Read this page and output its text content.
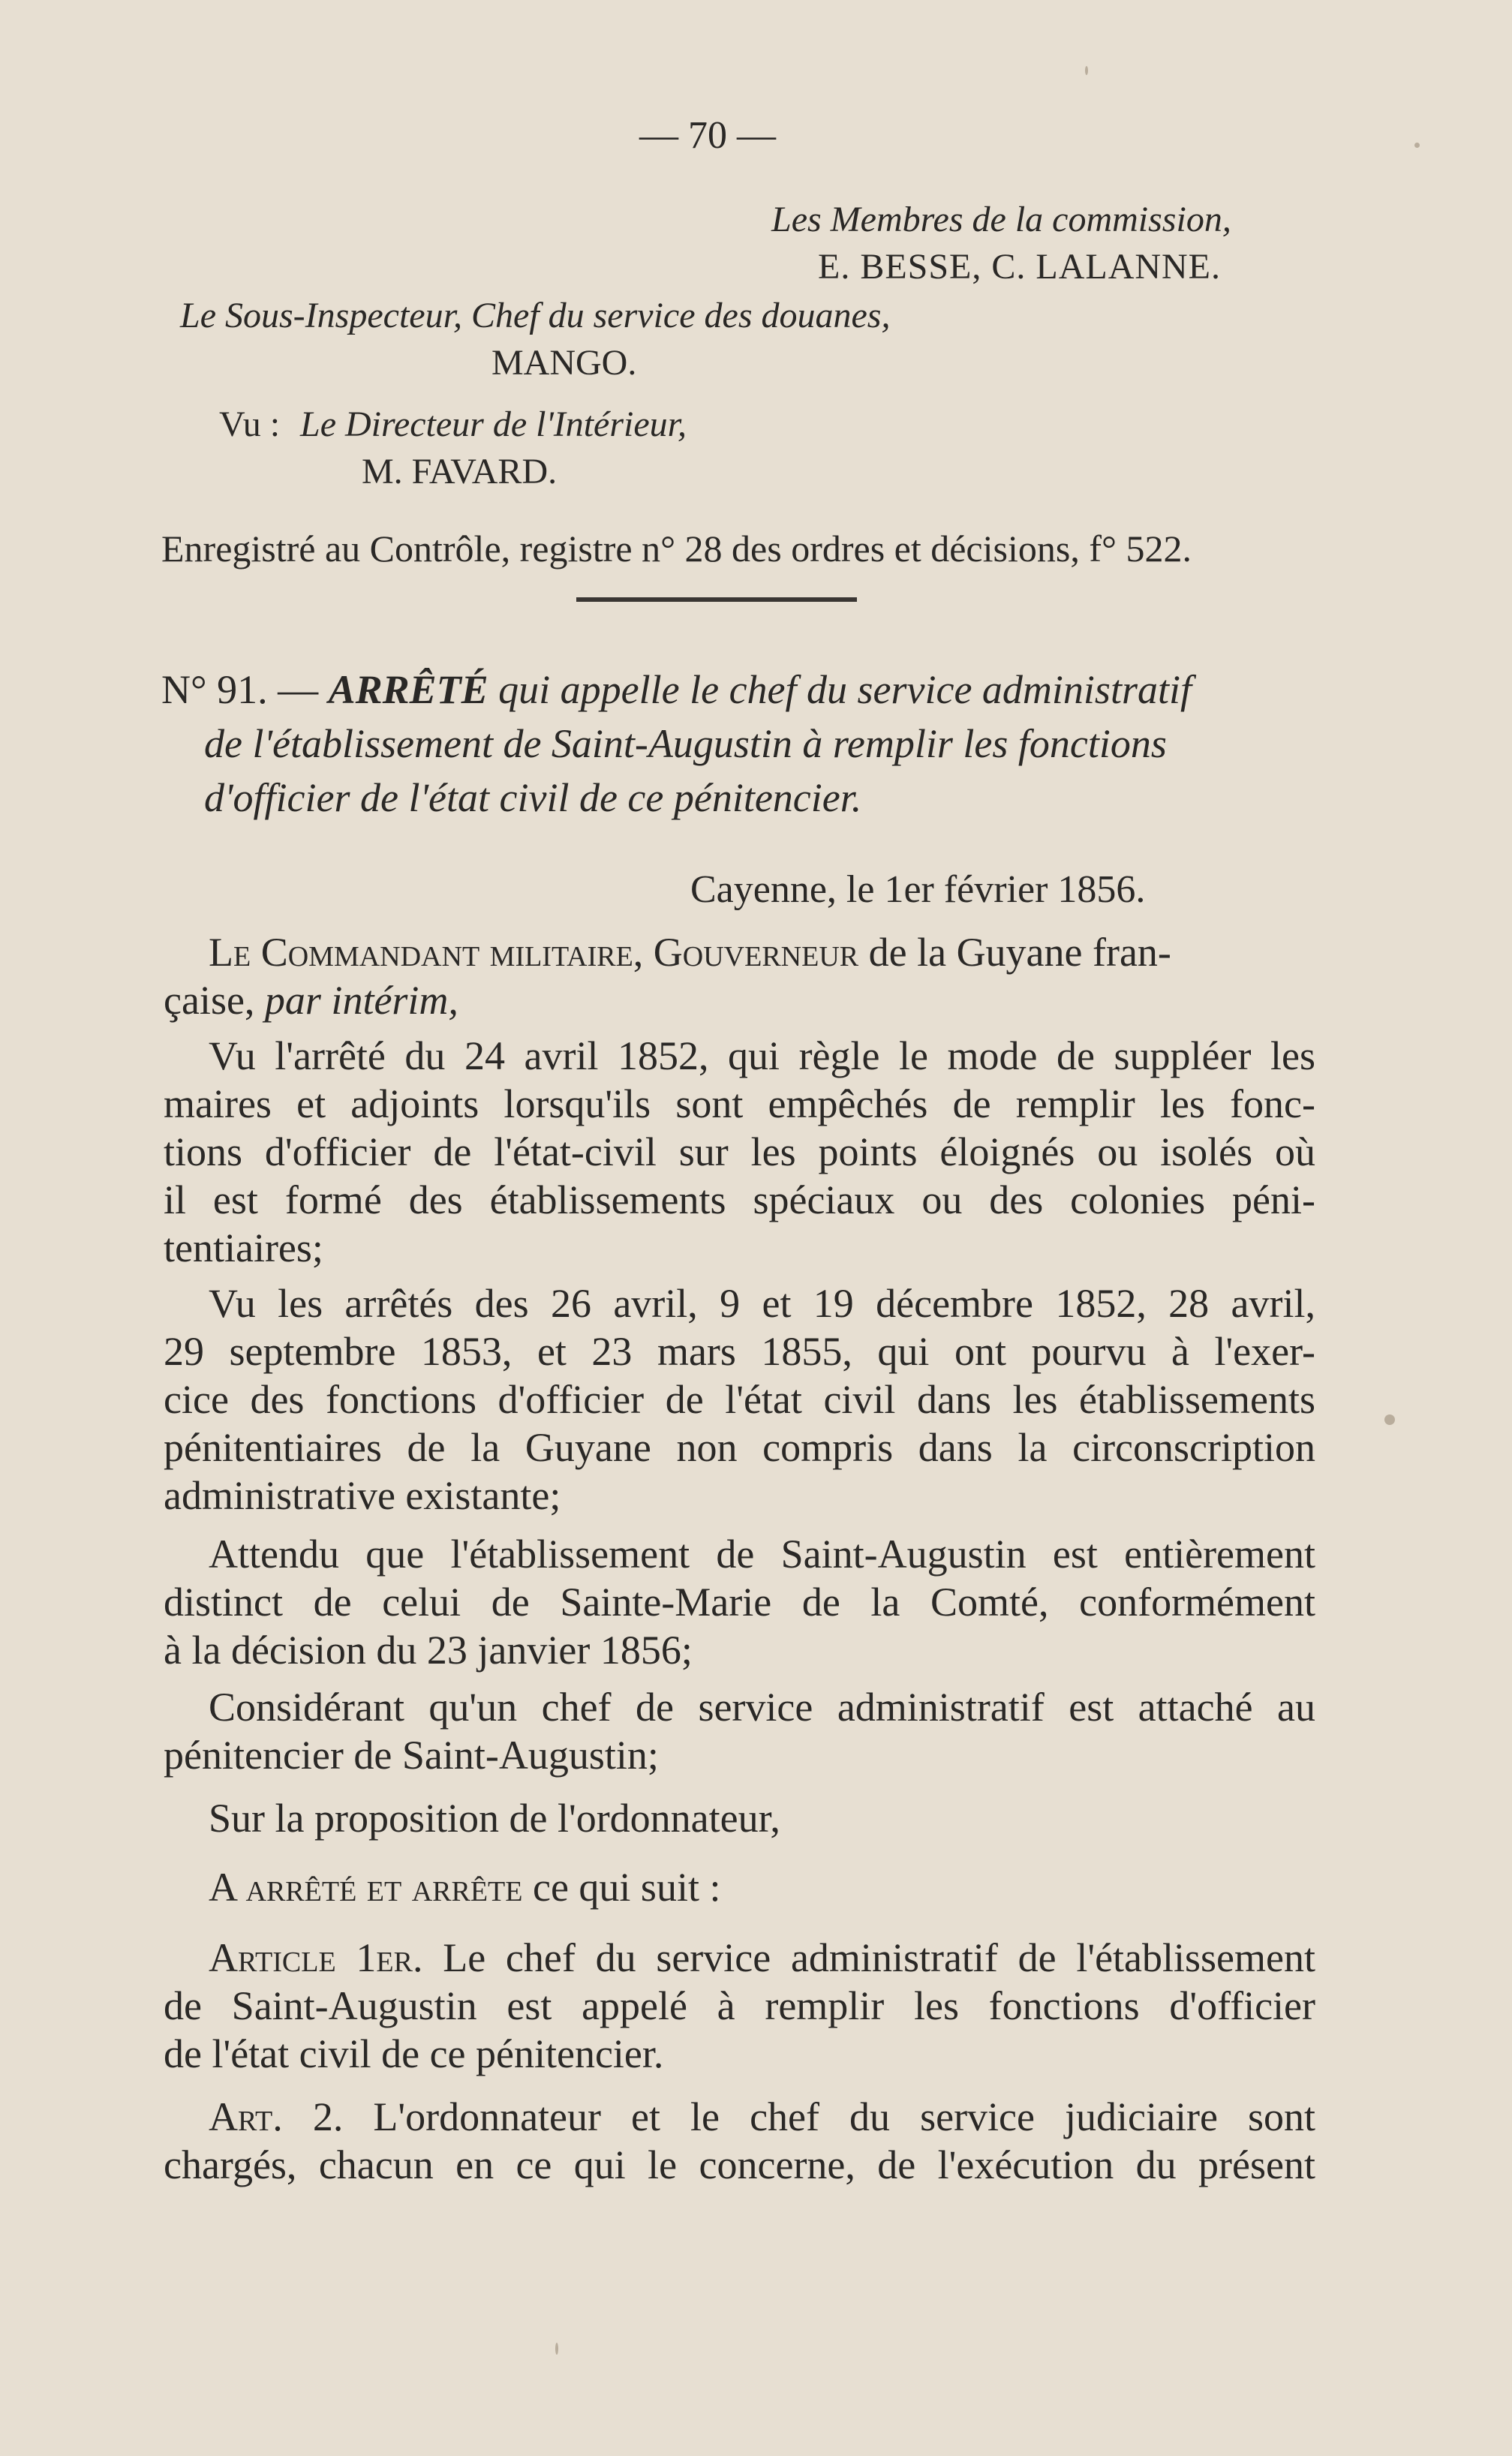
— 70 —
Les Membres de la commission,
E. BESSE, C. LALANNE.
Le Sous-Inspecteur, Chef du service des douanes,
MANGO.
Vu : Le Directeur de l'Intérieur,
M. FAVARD.
Enregistré au Contrôle, registre n° 28 des ordres et décisions, f° 522.
N° 91. — ARRÊTÉ qui appelle le chef du service administratif
de l'établissement de Saint-Augustin à remplir les fonctions
d'officier de l'état civil de ce pénitencier.
Cayenne, le 1er février 1856.
Le Commandant militaire, Gouverneur de la Guyane fran-
çaise, par intérim,
Vu l'arrêté du 24 avril 1852, qui règle le mode de suppléer les
maires et adjoints lorsqu'ils sont empêchés de remplir les fonc-
tions d'officier de l'état-civil sur les points éloignés ou isolés où
il est formé des établissements spéciaux ou des colonies péni-
tentiaires;
Vu les arrêtés des 26 avril, 9 et 19 décembre 1852, 28 avril,
29 septembre 1853, et 23 mars 1855, qui ont pourvu à l'exer-
cice des fonctions d'officier de l'état civil dans les établissements
pénitentiaires de la Guyane non compris dans la circonscription
administrative existante;
Attendu que l'établissement de Saint-Augustin est entièrement
distinct de celui de Sainte-Marie de la Comté, conformément
à la décision du 23 janvier 1856;
Considérant qu'un chef de service administratif est attaché au
pénitencier de Saint-Augustin;
Sur la proposition de l'ordonnateur,
A arrêté et arrête ce qui suit :
Article 1er. Le chef du service administratif de l'établissement
de Saint-Augustin est appelé à remplir les fonctions d'officier
de l'état civil de ce pénitencier.
Art. 2. L'ordonnateur et le chef du service judiciaire sont
chargés, chacun en ce qui le concerne, de l'exécution du présent
